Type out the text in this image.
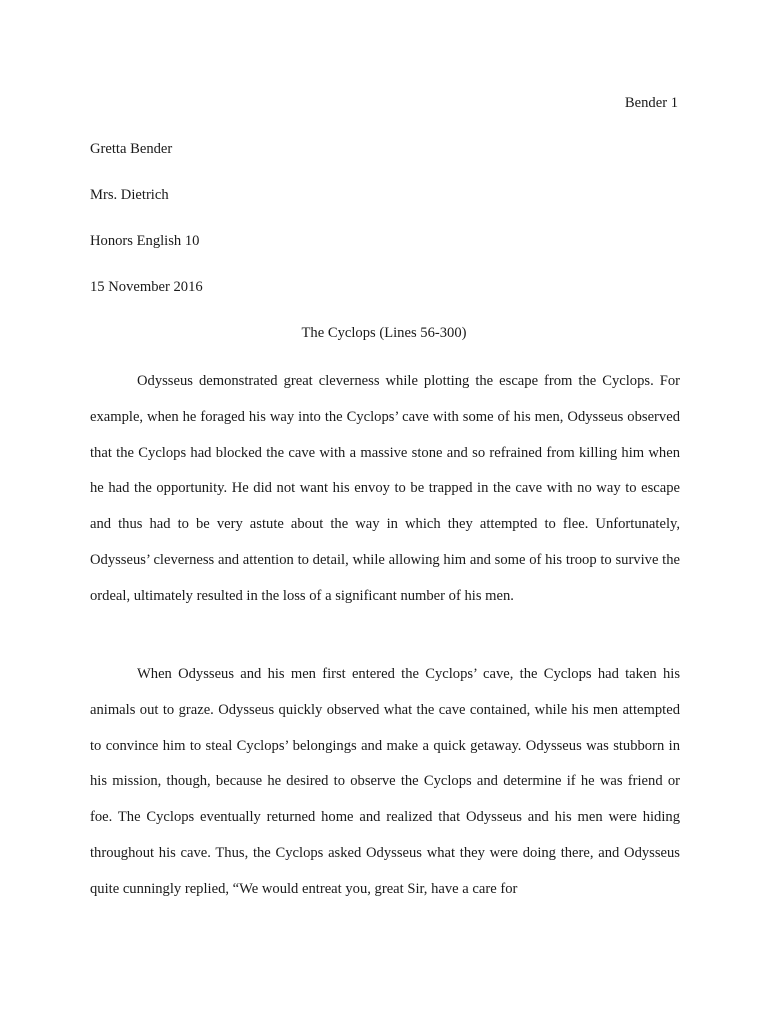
Bender 1
Gretta Bender
Mrs. Dietrich
Honors English 10
15 November 2016
The Cyclops (Lines 56-300)

Odysseus demonstrated great cleverness while plotting the escape from the Cyclops. For example, when he foraged his way into the Cyclops’ cave with some of his men, Odysseus observed that the Cyclops had blocked the cave with a massive stone and so refrained from killing him when he had the opportunity. He did not want his envoy to be trapped in the cave with no way to escape and thus had to be very astute about the way in which they attempted to flee. Unfortunately, Odysseus’ cleverness and attention to detail, while allowing him and some of his troop to survive the ordeal, ultimately resulted in the loss of a significant number of his men.

When Odysseus and his men first entered the Cyclops’ cave, the Cyclops had taken his animals out to graze. Odysseus quickly observed what the cave contained, while his men attempted to convince him to steal Cyclops’ belongings and make a quick getaway. Odysseus was stubborn in his mission, though, because he desired to observe the Cyclops and determine if he was friend or foe. The Cyclops eventually returned home and realized that Odysseus and his men were hiding throughout his cave. Thus, the Cyclops asked Odysseus what they were doing there, and Odysseus quite cunningly replied, “We would entreat you, great Sir, have a care for
